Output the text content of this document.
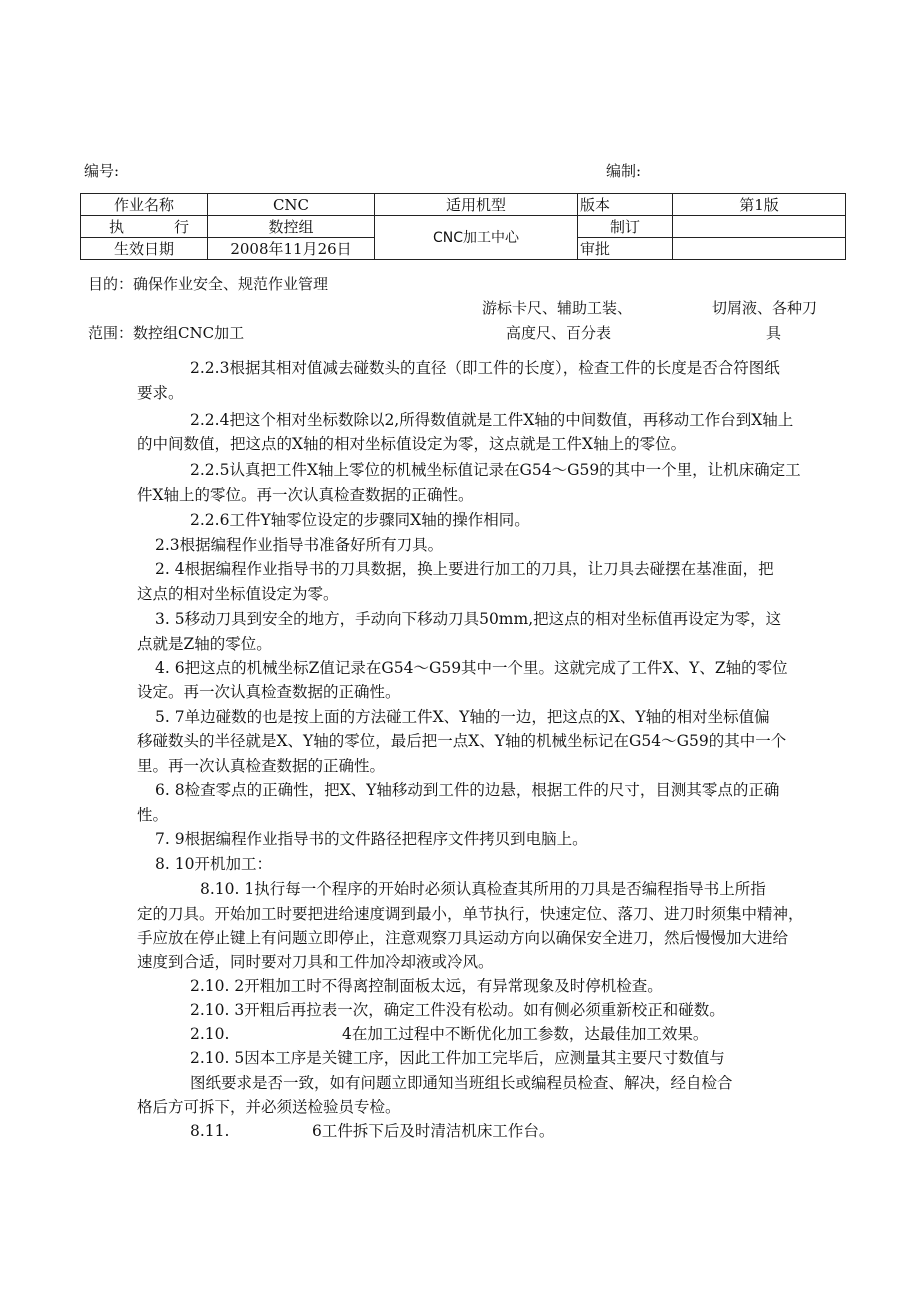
编号:	编制:
作业名称	CNC	适用机型	版本	第1版
执 行	数控组	CNC加工中心	制订	
生效日期	2008年11月26日		审批	
目的：确保作业安全、规范作业管理
游标卡尺、辅助工装、
高度尺、百分表
切屑液、各种刀
具
范围：数控组CNC加工
2.2.3根据其相对值减去碰数头的直径（即工件的长度），检查工件的长度是否合符图纸
要求。
2.2.4把这个相对坐标数除以2,所得数值就是工件X轴的中间数值，再移动工作台到X轴上
的中间数值，把这点的X轴的相对坐标值设定为零，这点就是工件X轴上的零位。
2.2.5认真把工件X轴上零位的机械坐标值记录在G54～G59的其中一个里，让机床确定工
件X轴上的零位。再一次认真检查数据的正确性。
2.2.6工件Y轴零位设定的步骤同X轴的操作相同。
2.3根据编程作业指导书准备好所有刀具。
2. 4根据编程作业指导书的刀具数据，换上要进行加工的刀具，让刀具去碰摆在基准面，把
这点的相对坐标值设定为零。
3. 5移动刀具到安全的地方，手动向下移动刀具50mm,把这点的相对坐标值再设定为零，这
点就是Z轴的零位。
4. 6把这点的机械坐标Z值记录在G54～G59其中一个里。这就完成了工件X、Y、Z轴的零位
设定。再一次认真检查数据的正确性。
5. 7单边碰数的也是按上面的方法碰工件X、Y轴的一边，把这点的X、Y轴的相对坐标值偏
移碰数头的半径就是X、Y轴的零位，最后把一点X、Y轴的机械坐标记在G54～G59的其中一个
里。再一次认真检查数据的正确性。
6. 8检查零点的正确性，把X、Y轴移动到工件的边悬，根据工件的尺寸，目测其零点的正确
性。
7. 9根据编程作业指导书的文件路径把程序文件拷贝到电脑上。
8. 10开机加工：
8.10. 1执行每一个程序的开始时必须认真检查其所用的刀具是否编程指导书上所指
定的刀具。开始加工时要把进给速度调到最小，单节执行，快速定位、落刀、进刀时须集中精神，
手应放在停止键上有问题立即停止，注意观察刀具运动方向以确保安全进刀，然后慢慢加大进给
速度到合适，同时要对刀具和工件加冷却液或冷风。
2.10. 2开粗加工时不得离控制面板太远，有异常现象及时停机检查。
2.10. 3开粗后再拉表一次，确定工件没有松动。如有侧必须重新校正和碰数。
2.10.	4在加工过程中不断优化加工参数，达最佳加工效果。
2.10. 5因本工序是关键工序，因此工件加工完毕后，应测量其主要尺寸数值与
图纸要求是否一致，如有问题立即通知当班组长或编程员检查、解决，经自检合
格后方可拆下，并必须送检验员专检。
8.11.	6工件拆下后及时清洁机床工作台。
